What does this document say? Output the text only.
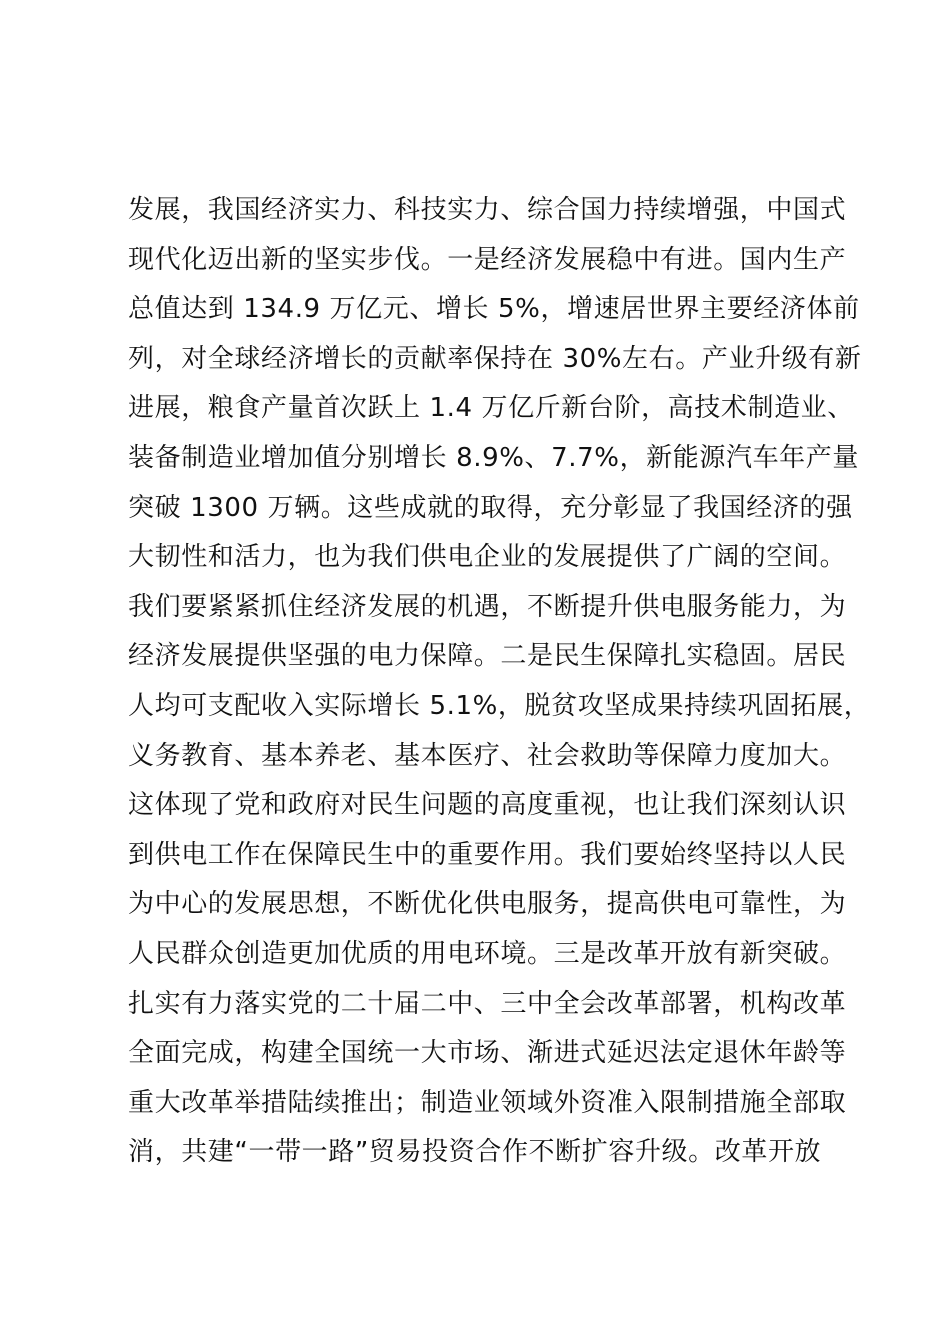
发展，我国经济实力、科技实力、综合国力持续增强，中国式
现代化迈出新的坚实步伐。一是经济发展稳中有进。国内生产
总值达到 134.9 万亿元、增长 5%，增速居世界主要经济体前
列，对全球经济增长的贡献率保持在 30%左右。产业升级有新
进展，粮食产量首次跃上 1.4 万亿斤新台阶，高技术制造业、
装备制造业增加值分别增长 8.9%、7.7%，新能源汽车年产量
突破 1300 万辆。这些成就的取得，充分彰显了我国经济的强
大韧性和活力，也为我们供电企业的发展提供了广阔的空间。
我们要紧紧抓住经济发展的机遇，不断提升供电服务能力，为
经济发展提供坚强的电力保障。二是民生保障扎实稳固。居民
人均可支配收入实际增长 5.1%，脱贫攻坚成果持续巩固拓展，
义务教育、基本养老、基本医疗、社会救助等保障力度加大。
这体现了党和政府对民生问题的高度重视，也让我们深刻认识
到供电工作在保障民生中的重要作用。我们要始终坚持以人民
为中心的发展思想，不断优化供电服务，提高供电可靠性，为
人民群众创造更加优质的用电环境。三是改革开放有新突破。
扎实有力落实党的二十届二中、三中全会改革部署，机构改革
全面完成，构建全国统一大市场、渐进式延迟法定退休年龄等
重大改革举措陆续推出；制造业领域外资准入限制措施全部取
消，共建“一带一路”贸易投资合作不断扩容升级。改革开放
